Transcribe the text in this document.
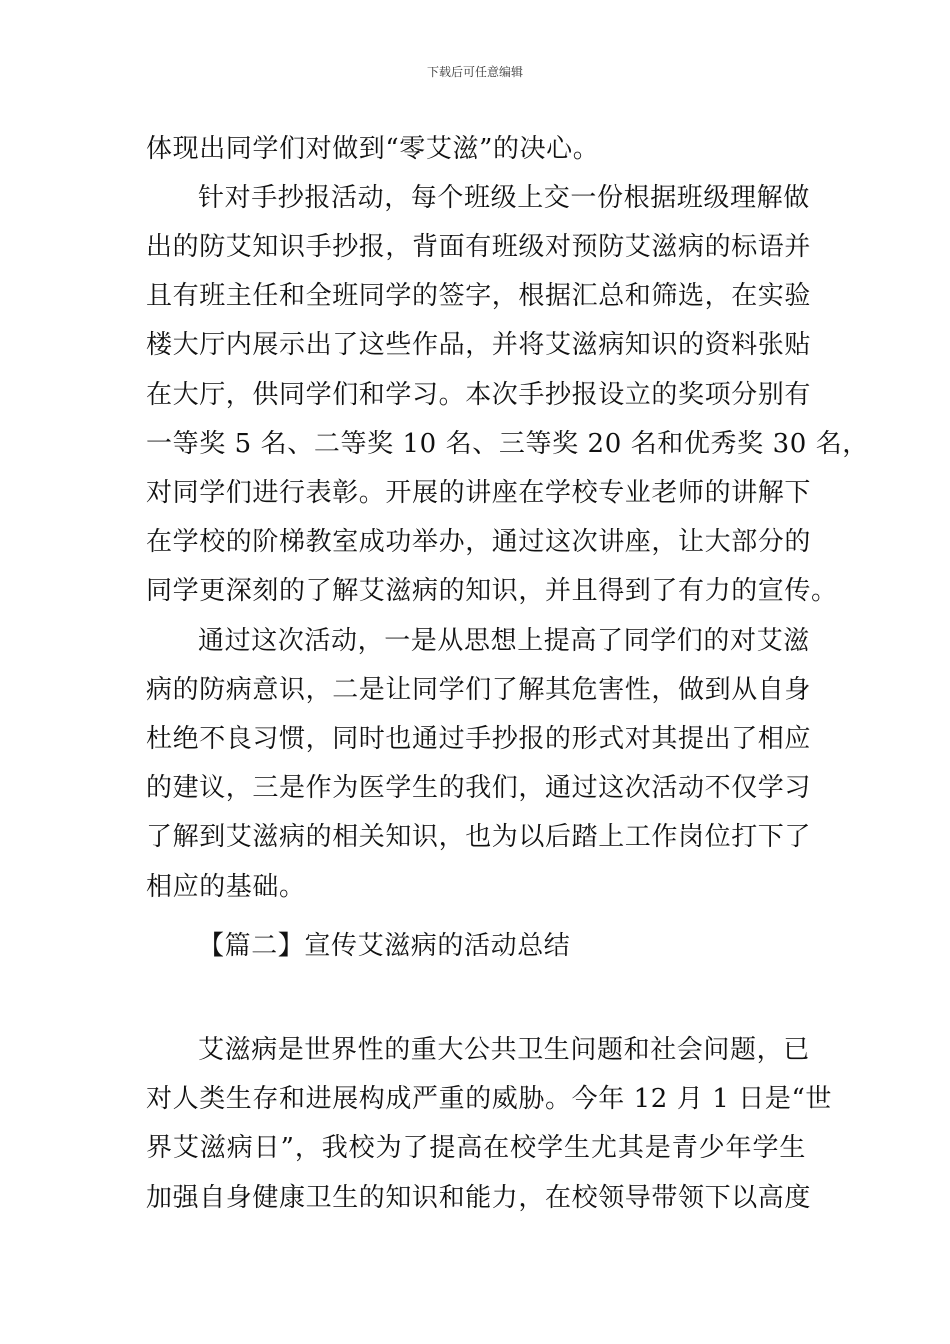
下载后可任意编辑
体现出同学们对做到“零艾滋”的决心。
针对手抄报活动，每个班级上交一份根据班级理解做
出的防艾知识手抄报，背面有班级对预防艾滋病的标语并
且有班主任和全班同学的签字，根据汇总和筛选，在实验
楼大厅内展示出了这些作品，并将艾滋病知识的资料张贴
在大厅，供同学们和学习。本次手抄报设立的奖项分别有
一等奖 5 名、二等奖 10 名、三等奖 20 名和优秀奖 30 名，
对同学们进行表彰。开展的讲座在学校专业老师的讲解下
在学校的阶梯教室成功举办，通过这次讲座，让大部分的
同学更深刻的了解艾滋病的知识，并且得到了有力的宣传。
通过这次活动，一是从思想上提高了同学们的对艾滋
病的防病意识，二是让同学们了解其危害性，做到从自身
杜绝不良习惯，同时也通过手抄报的形式对其提出了相应
的建议，三是作为医学生的我们，通过这次活动不仅学习
了解到艾滋病的相关知识，也为以后踏上工作岗位打下了
相应的基础。
【篇二】宣传艾滋病的活动总结
艾滋病是世界性的重大公共卫生问题和社会问题，已
对人类生存和进展构成严重的威胁。今年 12 月 1 日是“世
界艾滋病日”，我校为了提高在校学生尤其是青少年学生
加强自身健康卫生的知识和能力，在校领导带领下以高度
